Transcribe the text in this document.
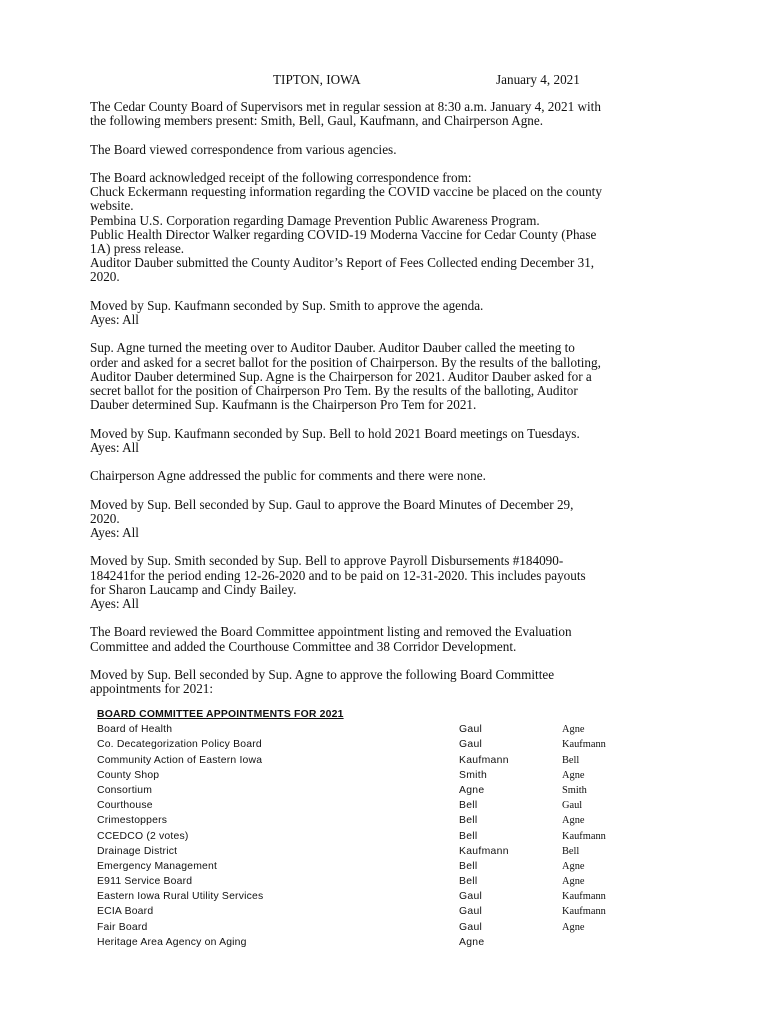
TIPTON, IOWA	January 4, 2021

The Cedar County Board of Supervisors met in regular session at 8:30 a.m. January 4, 2021 with
the following members present: Smith, Bell, Gaul, Kaufmann, and Chairperson Agne.

The Board viewed correspondence from various agencies.

The Board acknowledged receipt of the following correspondence from:
Chuck Eckermann requesting information regarding the COVID vaccine be placed on the county
website.
Pembina U.S. Corporation regarding Damage Prevention Public Awareness Program.
Public Health Director Walker regarding COVID-19 Moderna Vaccine for Cedar County (Phase
1A) press release.
Auditor Dauber submitted the County Auditor’s Report of Fees Collected ending December 31,
2020.

Moved by Sup. Kaufmann seconded by Sup. Smith to approve the agenda.
Ayes: All

Sup. Agne turned the meeting over to Auditor Dauber. Auditor Dauber called the meeting to
order and asked for a secret ballot for the position of Chairperson. By the results of the balloting,
Auditor Dauber determined Sup. Agne is the Chairperson for 2021. Auditor Dauber asked for a
secret ballot for the position of Chairperson Pro Tem. By the results of the balloting, Auditor
Dauber determined Sup. Kaufmann is the Chairperson Pro Tem for 2021.

Moved by Sup. Kaufmann seconded by Sup. Bell to hold 2021 Board meetings on Tuesdays.
Ayes: All

Chairperson Agne addressed the public for comments and there were none.

Moved by Sup. Bell seconded by Sup. Gaul to approve the Board Minutes of December 29,
2020.
Ayes: All

Moved by Sup. Smith seconded by Sup. Bell to approve Payroll Disbursements #184090-
184241for the period ending 12-26-2020 and to be paid on 12-31-2020. This includes payouts
for Sharon Laucamp and Cindy Bailey.
Ayes: All

The Board reviewed the Board Committee appointment listing and removed the Evaluation
Committee and added the Courthouse Committee and 38 Corridor Development.

Moved by Sup. Bell seconded by Sup. Agne to approve the following Board Committee
appointments for 2021:

BOARD COMMITTEE APPOINTMENTS FOR 2021
Board of Health	Gaul	Agne
Co. Decategorization Policy Board	Gaul	Kaufmann
Community Action of Eastern Iowa	Kaufmann	Bell
County Shop	Smith	Agne
Consortium	Agne	Smith
Courthouse	Bell	Gaul
Crimestoppers	Bell	Agne
CCEDCO (2 votes)	Bell	Kaufmann
Drainage District	Kaufmann	Bell
Emergency Management	Bell	Agne
E911 Service Board	Bell	Agne
Eastern Iowa Rural Utility Services	Gaul	Kaufmann
ECIA Board	Gaul	Kaufmann
Fair Board	Gaul	Agne
Heritage Area Agency on Aging	Agne
